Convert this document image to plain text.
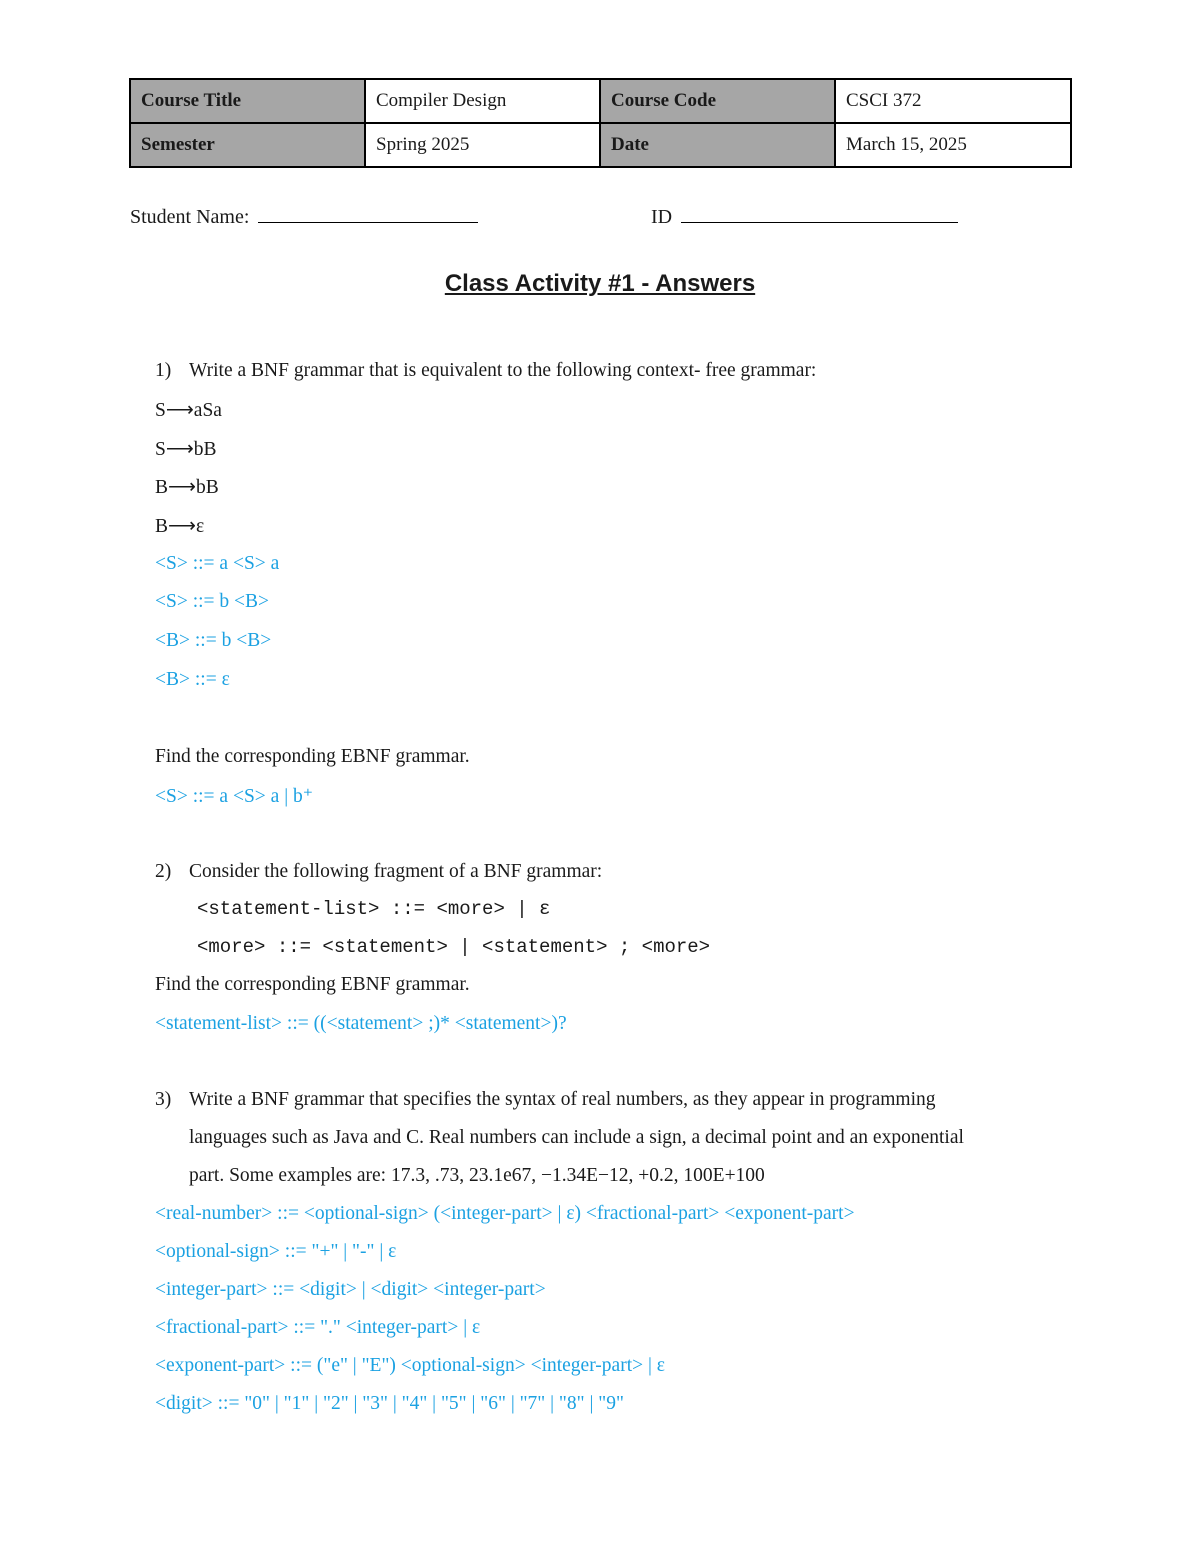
Course Title	Compiler Design	Course Code	CSCI 372
Semester	Spring 2025	Date	March 15, 2025
Student Name:	ID
Class Activity #1 - Answers
1) Write a BNF grammar that is equivalent to the following context- free grammar:
S⟶aSa
S⟶bB
B⟶bB
B⟶ε
<S> ::= a <S> a
<S> ::= b <B>
<B> ::= b <B>
<B> ::= ε
Find the corresponding EBNF grammar.
<S> ::= a <S> a | b⁺
2) Consider the following fragment of a BNF grammar:
<statement-list> ::= <more> | ε
<more> ::= <statement> | <statement> ; <more>
Find the corresponding EBNF grammar.
<statement-list> ::= ((<statement> ;)* <statement>)?
3) Write a BNF grammar that specifies the syntax of real numbers, as they appear in programming
languages such as Java and C. Real numbers can include a sign, a decimal point and an exponential
part. Some examples are: 17.3, .73, 23.1e67, −1.34E−12, +0.2, 100E+100
<real-number> ::= <optional-sign> (<integer-part> | ε) <fractional-part> <exponent-part>
<optional-sign> ::= "+" | "-" | ε
<integer-part> ::= <digit> | <digit> <integer-part>
<fractional-part> ::= "." <integer-part> | ε
<exponent-part> ::= ("e" | "E") <optional-sign> <integer-part> | ε
<digit> ::= "0" | "1" | "2" | "3" | "4" | "5" | "6" | "7" | "8" | "9"
